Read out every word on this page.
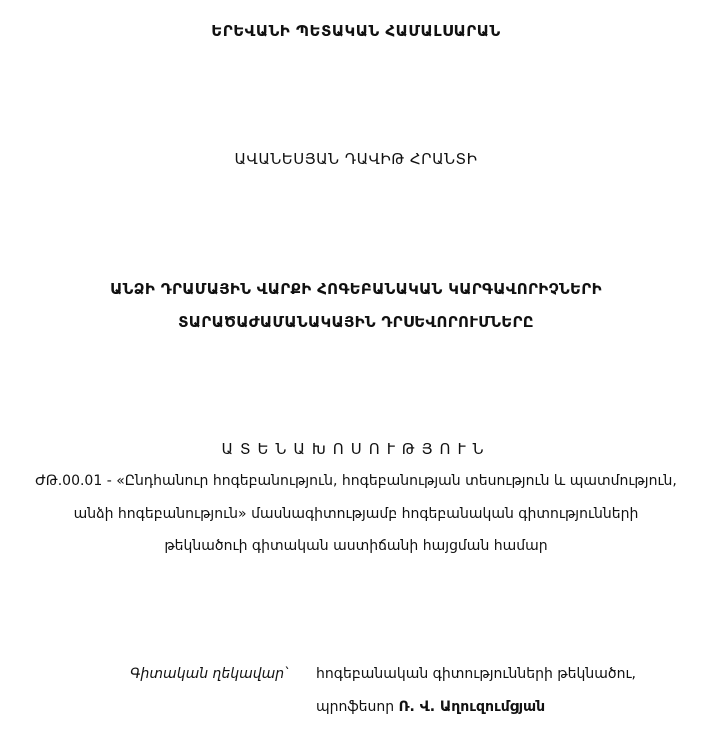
ԵՐԵՎԱՆԻ ՊԵՏԱԿԱՆ ՀԱՄԱԼՍԱՐԱՆ
ԱՎԱՆԵՍՅԱՆ ԴԱՎԻԹ ՀՐԱՆՏԻ
ԱՆՁԻ ԴՐԱՄԱՅԻՆ ՎԱՐՔԻ ՀՈԳԵԲԱՆԱԿԱՆ ԿԱՐԳԱՎՈՐԻՉՆԵՐԻ
ՏԱՐԱԾԱԺԱՄԱՆԱԿԱՅԻՆ ԴՐՍԵՎՈՐՈՒՄՆԵՐԸ
ԱՏԵՆԱԽՈՍՈՒԹՅՈՒՆ
ԺԹ.00.01 - «Ընդհանուր հոգեբանություն, հոգեբանության տեսություն և պատմություն,
անձի հոգեբանություն» մասնագիտությամբ հոգեբանական գիտությունների
թեկնածուի գիտական աստիճանի հայցման համար
Գիտական ղեկավար՝ հոգեբանական գիտությունների թեկնածու,
պրոֆեսոր Ռ. Վ. Աղուզումցյան
